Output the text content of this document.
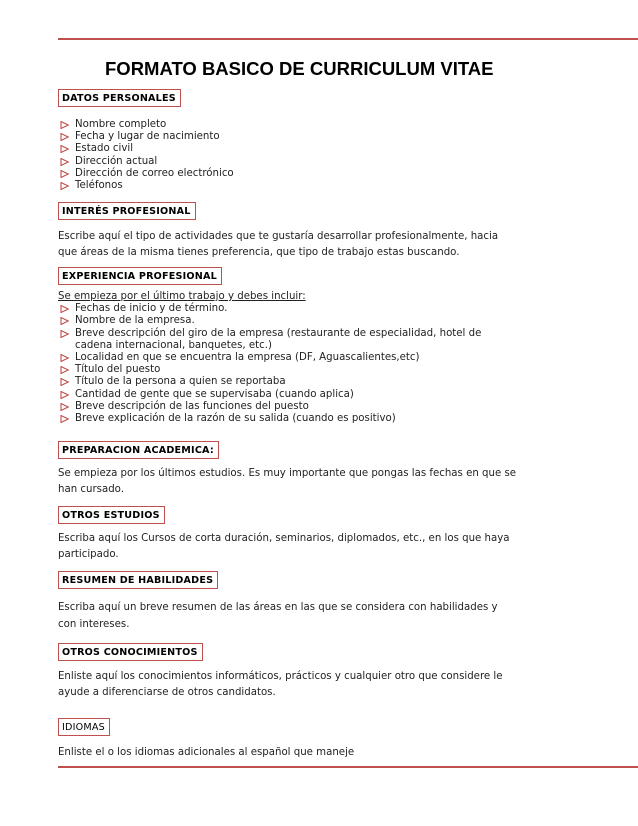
FORMATO BASICO DE CURRICULUM VITAE
DATOS PERSONALES
Nombre completo
Fecha y lugar de nacimiento
Estado civil
Dirección actual
Dirección de correo electrónico
Teléfonos
INTERÉS PROFESIONAL
Escribe aquí el tipo de actividades que te gustaría desarrollar profesionalmente, hacia que áreas de la misma tienes preferencia, que tipo de trabajo estas buscando.
EXPERIENCIA PROFESIONAL
Se empieza por el último trabajo y debes incluir:
Fechas de inicio y de término.
Nombre de la empresa.
Breve descripción del giro de la empresa (restaurante de especialidad, hotel de cadena internacional, banquetes, etc.)
Localidad en que se encuentra la empresa (DF, Aguascalientes,etc)
Título del puesto
Título de la persona a quien se reportaba
Cantidad de gente que se supervisaba (cuando aplica)
Breve descripción de las funciones del puesto
Breve explicación de la razón de su salida (cuando es positivo)
PREPARACION ACADEMICA:
Se empieza por los últimos estudios. Es muy importante que pongas las fechas en que se han cursado.
OTROS ESTUDIOS
Escriba aquí los Cursos de corta duración, seminarios, diplomados, etc., en los que haya participado.
RESUMEN DE HABILIDADES
Escriba aquí un breve resumen de las áreas en las que se considera con habilidades y con intereses.
OTROS CONOCIMIENTOS
Enliste aquí los conocimientos informáticos, prácticos y cualquier otro que considere le ayude a diferenciarse de otros candidatos.
IDIOMAS
Enliste el o los idiomas adicionales al español que maneje
